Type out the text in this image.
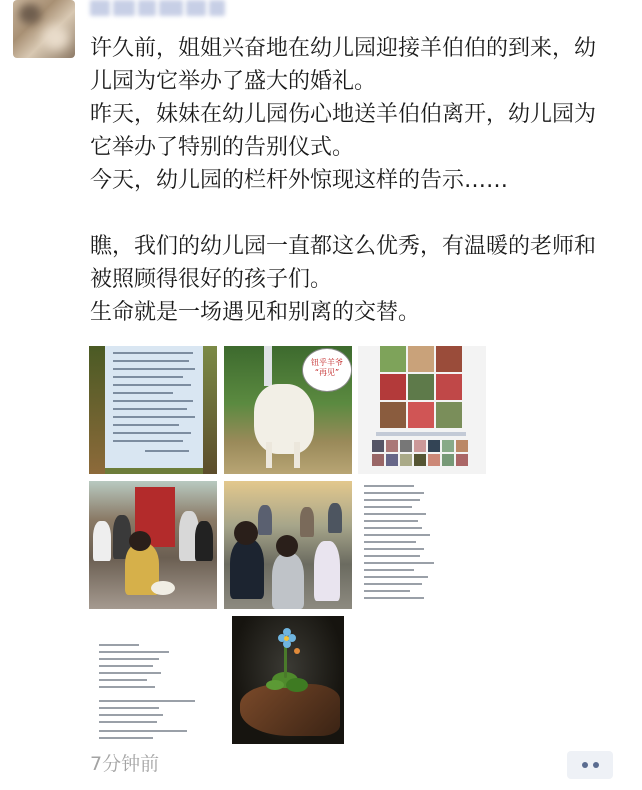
许久前，姐姐兴奋地在幼儿园迎接羊伯伯的到来，幼儿园为它举办了盛大的婚礼。

昨天，妹妹在幼儿园伤心地送羊伯伯离开，幼儿园为它举办了特别的告别仪式。

今天，幼儿园的栏杆外惊现这样的告示……

瞧，我们的幼儿园一直都这么优秀，有温暖的老师和被照顾得很好的孩子们。

生命就是一场遇见和别离的交替。

钮乎羊爷 “再见”
7分钟前
